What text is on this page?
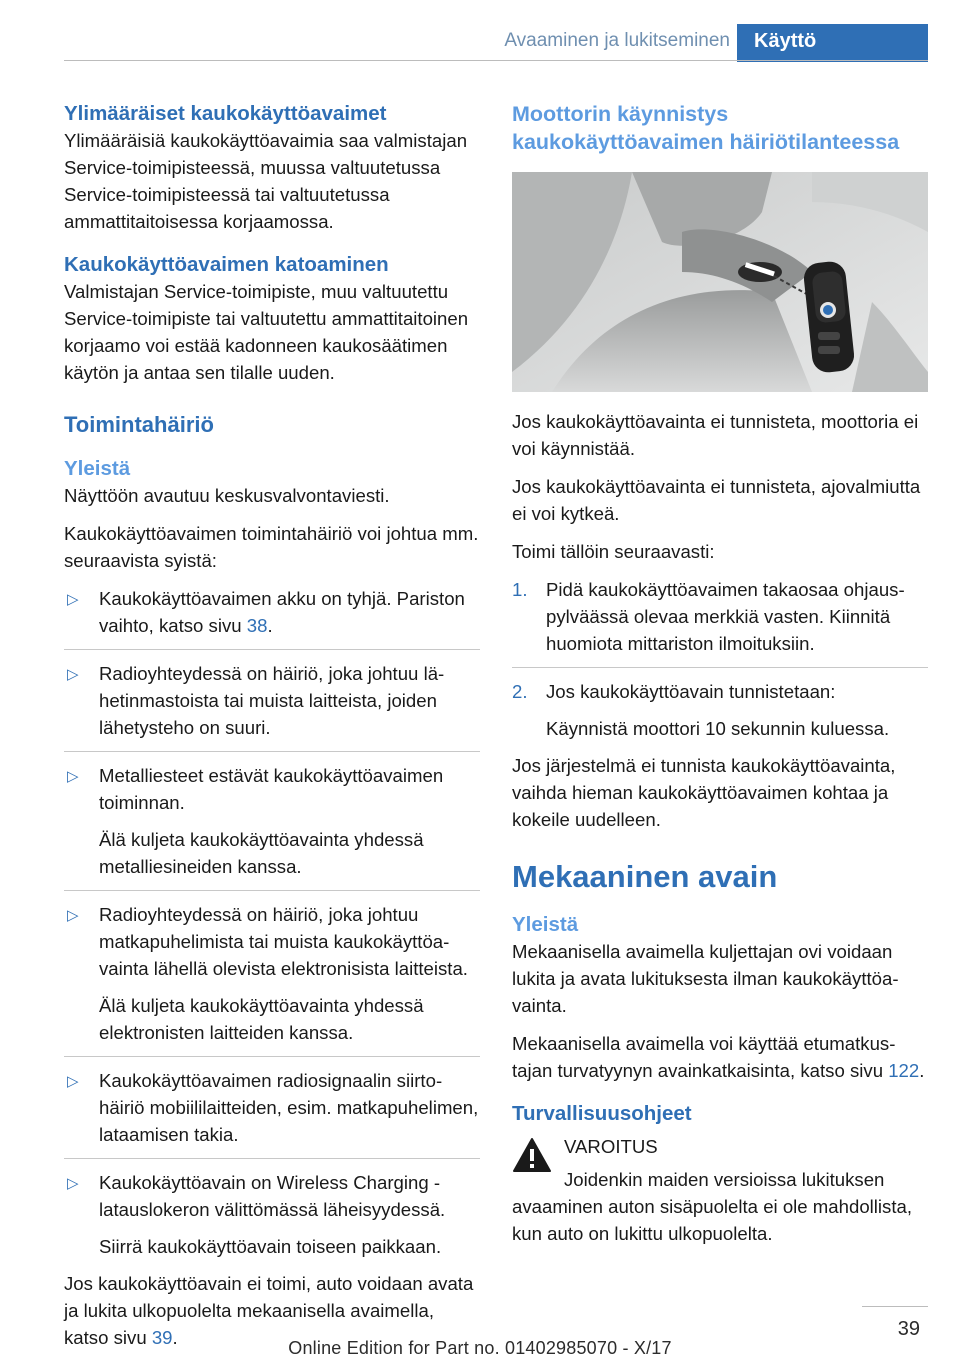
Avaaminen ja lukitseminen	Käyttö
Ylimääräiset kaukokäyttöavaimet

Ylimääräisiä kaukokäyttöavaimia saa valmistajan Service-toimipisteessä, muussa valtuutetussa Service-toimipisteessä tai valtuutetussa ammattitaitoisessa korjaamossa.

Kaukokäyttöavaimen katoaminen

Valmistajan Service-toimipiste, muu valtuutettu Service-toimipiste tai valtuutettu ammattitaitoinen korjaamo voi estää kadonneen kaukosäätimen käytön ja antaa sen tilalle uuden.

Toimintahäiriö
Yleistä

Näyttöön avautuu keskusvalvontaviesti.

Kaukokäyttöavaimen toimintahäiriö voi johtua mm. seuraavista syistä:

▷ Kaukokäyttöavaimen akku on tyhjä. Pariston vaihto, katso sivu 38.
▷ Radioyhteydessä on häiriö, joka johtuu lähetinmastoista tai muista laitteista, joiden lähetysteho on suuri.
▷ Metalliesteet estävät kaukokäyttöavaimen toiminnan.
Älä kuljeta kaukokäyttöavainta yhdessä metalliesineiden kanssa.
▷ Radioyhteydessä on häiriö, joka johtuu matkapuhelimista tai muista kaukokäyttöavainta lähellä olevista elektronisista laitteista.
Älä kuljeta kaukokäyttöavainta yhdessä elektronisten laitteiden kanssa.
▷ Kaukokäyttöavaimen radiosignaalin siirtohäiriö mobiililaitteiden, esim. matkapuhelimen, lataamisen takia.
▷ Kaukokäyttöavain on Wireless Charging -latauslokeron välittömässä läheisyydessä.
Siirrä kaukokäyttöavain toiseen paikkaan.

Jos kaukokäyttöavain ei toimi, auto voidaan avata ja lukita ulkopuolelta mekaanisella avaimella, katso sivu 39.

Moottorin käynnistys kaukokäyttöavaimen häiriötilanteessa

Jos kaukokäyttöavainta ei tunnisteta, moottoria ei voi käynnistää.

Jos kaukokäyttöavainta ei tunnisteta, ajovalmiutta ei voi kytkeä.

Toimi tällöin seuraavasti:

1. Pidä kaukokäyttöavaimen takaosaa ohjauspylväässä olevaa merkkiä vasten. Kiinnitä huomiota mittariston ilmoituksiin.
2. Jos kaukokäyttöavain tunnistetaan:
Käynnistä moottori 10 sekunnin kuluessa.

Jos järjestelmä ei tunnista kaukokäyttöavainta, vaihda hieman kaukokäyttöavaimen kohtaa ja kokeile uudelleen.

Mekaaninen avain
Yleistä

Mekaanisella avaimella kuljettajan ovi voidaan lukita ja avata lukituksesta ilman kaukokäyttöavainta.

Mekaanisella avaimella voi käyttää etumatkustajan turvatyynyn avainkatkaisinta, katso sivu 122.

Turvallisuusohjeet
VAROITUS
Joidenkin maiden versioissa lukituksen avaaminen auton sisäpuolelta ei ole mahdollista, kun auto on lukittu ulkopuolelta.
39
Online Edition for Part no. 01402985070 - X/17
